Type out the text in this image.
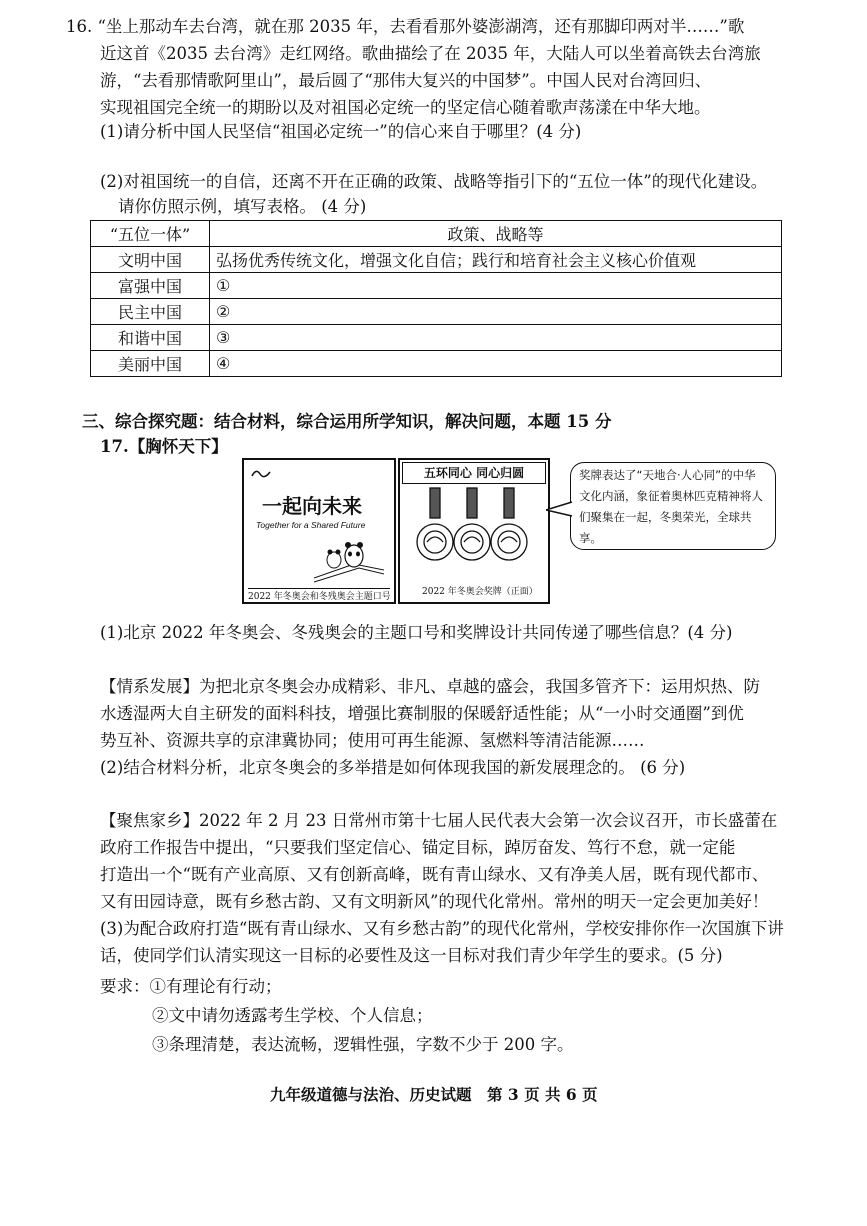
16. “坐上那动车去台湾，就在那 2035 年，去看看那外婆澎湖湾，还有那脚印两对半……”歌
近这首《2035 去台湾》走红网络。歌曲描绘了在 2035 年，大陆人可以坐着高铁去台湾旅
游，“去看那情歌阿里山”，最后圆了“那伟大复兴的中国梦”。中国人民对台湾回归、
实现祖国完全统一的期盼以及对祖国必定统一的坚定信心随着歌声荡漾在中华大地。
(1)请分析中国人民坚信“祖国必定统一”的信心来自于哪里？(4 分)
(2)对祖国统一的自信，还离不开在正确的政策、战略等指引下的“五位一体”的现代化建设。
请你仿照示例，填写表格。 (4 分)
“五位一体”	政策、战略等
文明中国	弘扬优秀传统文化，增强文化自信；践行和培育社会主义核心价值观
富强中国	①
民主中国	②
和谐中国	③
美丽中国	④
三、综合探究题：结合材料，综合运用所学知识，解决问题，本题 15 分
17.【胸怀天下】
一起向未来
Together for a Shared Future
2022 年冬奥会和冬残奥会主题口号
五环同心 同心归圆
2022 年冬奥会奖牌（正面）
奖牌表达了“天地合·人心同”的中华文化内涵，象征着奥林匹克精神将人们聚集在一起，冬奥荣光，全球共享。
(1)北京 2022 年冬奥会、冬残奥会的主题口号和奖牌设计共同传递了哪些信息？(4 分)
【情系发展】为把北京冬奥会办成精彩、非凡、卓越的盛会，我国多管齐下：运用炽热、防
水透湿两大自主研发的面料科技，增强比赛制服的保暖舒适性能；从“一小时交通圈”到优
势互补、资源共享的京津冀协同；使用可再生能源、氢燃料等清洁能源……
(2)结合材料分析，北京冬奥会的多举措是如何体现我国的新发展理念的。 (6 分)
【聚焦家乡】2022 年 2 月 23 日常州市第十七届人民代表大会第一次会议召开，市长盛蕾在
政府工作报告中提出，“只要我们坚定信心、锚定目标，踔厉奋发、笃行不怠，就一定能
打造出一个“既有产业高原、又有创新高峰，既有青山绿水、又有净美人居，既有现代都市、
又有田园诗意，既有乡愁古韵、又有文明新风”的现代化常州。常州的明天一定会更加美好！
(3)为配合政府打造“既有青山绿水、又有乡愁古韵”的现代化常州，学校安排你作一次国旗下讲
话，使同学们认清实现这一目标的必要性及这一目标对我们青少年学生的要求。(5 分)
要求：①有理论有行动；
②文中请勿透露考生学校、个人信息；
③条理清楚，表达流畅，逻辑性强，字数不少于 200 字。
九年级道德与法治、历史试题　第 3 页 共 6 页
